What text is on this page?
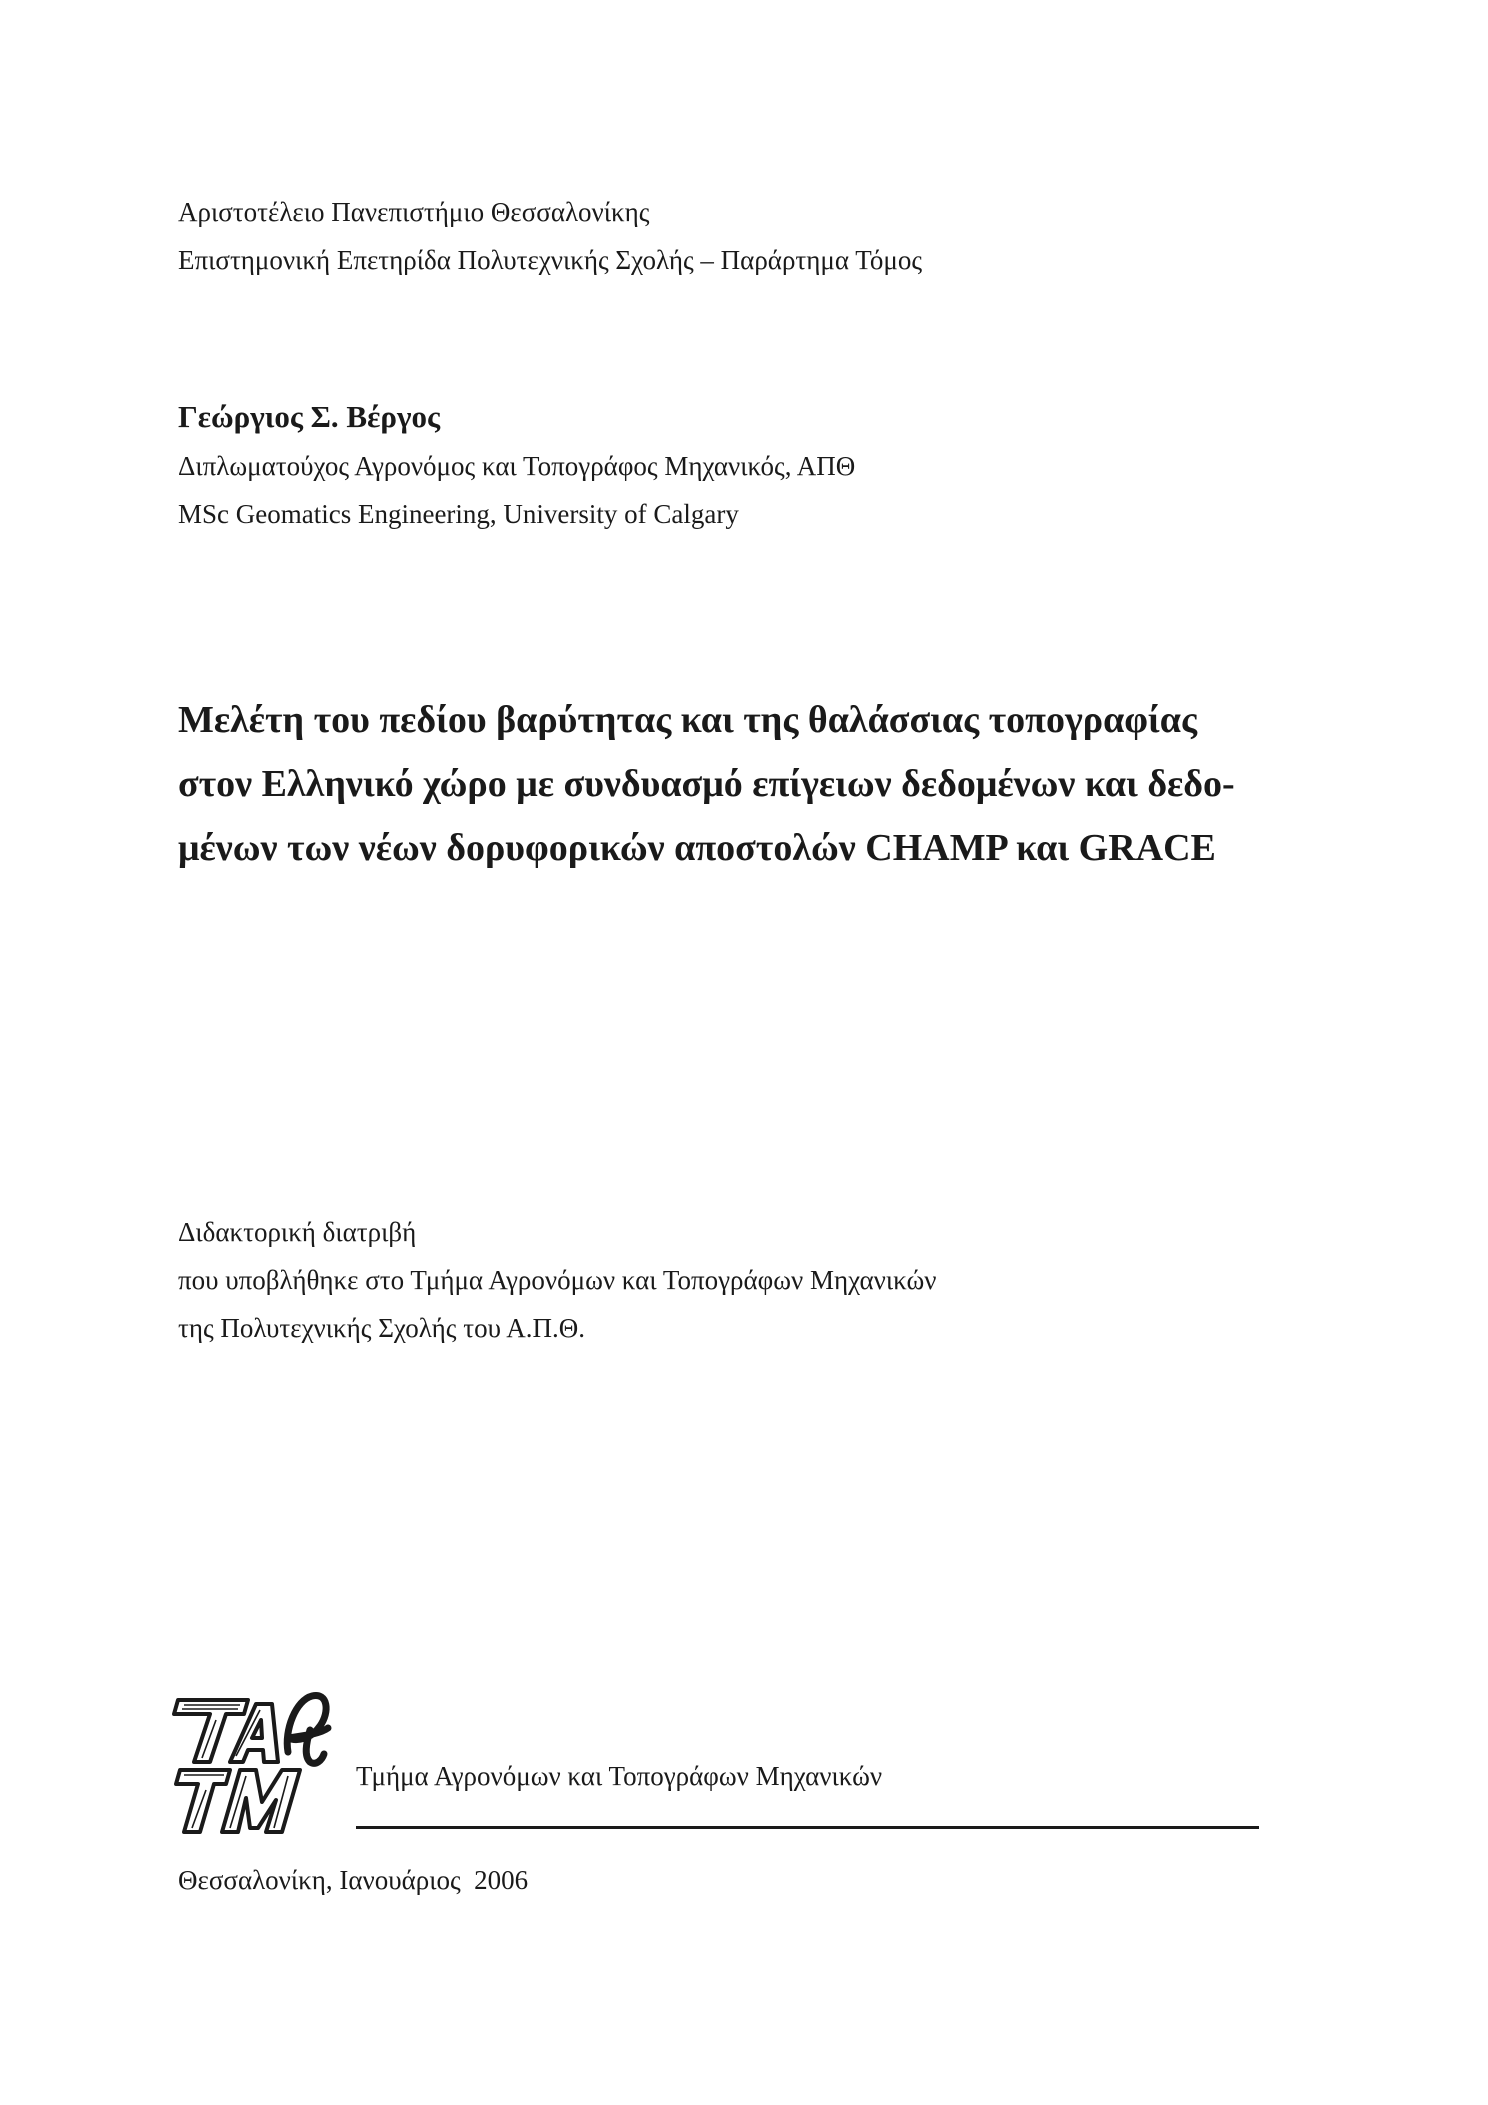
Αριστοτέλειο Πανεπιστήμιο Θεσσαλονίκης
Επιστημονική Επετηρίδα Πολυτεχνικής Σχολής – Παράρτημα Τόμος
Γεώργιος Σ. Βέργος
Διπλωματούχος Αγρονόμος και Τοπογράφος Μηχανικός, ΑΠΘ
MSc Geomatics Engineering, University of Calgary
Μελέτη του πεδίου βαρύτητας και της θαλάσσιας τοπογραφίας
στον Ελληνικό χώρο με συνδυασμό επίγειων δεδομένων και δεδο-
μένων των νέων δορυφορικών αποστολών CHAMP και GRACE
Διδακτορική διατριβή
που υποβλήθηκε στο Τμήμα Αγρονόμων και Τοπογράφων Μηχανικών
της Πολυτεχνικής Σχολής του Α.Π.Θ.
Τμήμα Αγρονόμων και Τοπογράφων Μηχανικών
Θεσσαλονίκη, Ιανουάριος  2006
